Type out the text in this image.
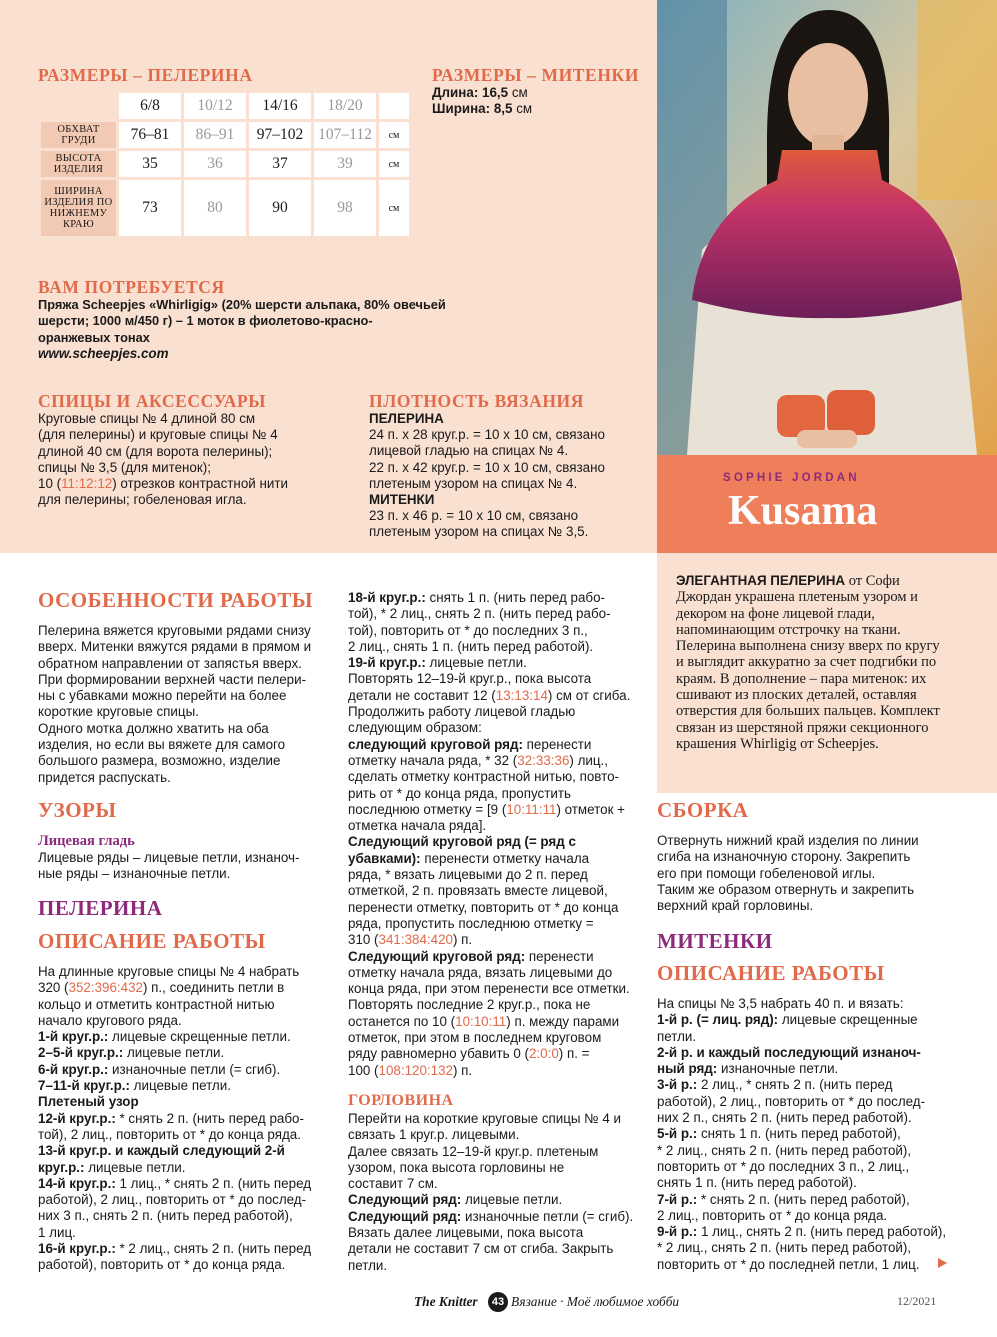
РАЗМЕРЫ – ПЕЛЕРИНА
	6/8	10/12	14/16	18/20	
ОБХВАТ ГРУДИ	76–81	86–91	97–102	107–112	см
ВЫСОТА ИЗДЕЛИЯ	35	36	37	39	см
ШИРИНА ИЗДЕЛИЯ ПО НИЖНЕМУ КРАЮ	73	80	90	98	см
РАЗМЕРЫ – МИТЕНКИ
Длина: 16,5 см
Ширина: 8,5 см
ВАМ ПОТРЕБУЕТСЯ
Пряжа Scheepjes «Whirligig» (20% шерсти альпака, 80% овечьей
шерсти; 1000 м/450 г) – 1 моток в фиолетово-красно-
оранжевых тонах
www.scheepjes.com
СПИЦЫ И АКСЕССУАРЫ
Круговые спицы № 4 длиной 80 см
(для пелерины) и круговые спицы № 4
длиной 40 см (для ворота пелерины);
спицы № 3,5 (для митенок);
10 (11:12:12) отрезков контрастной нити
для пелерины; гобеленовая игла.
ПЛОТНОСТЬ ВЯЗАНИЯ
ПЕЛЕРИНА
24 п. х 28 круг.р. = 10 х 10 см, связано
лицевой гладью на спицах № 4.
22 п. х 42 круг.р. = 10 х 10 см, связано
плетеным узором на спицах № 4.
МИТЕНКИ
23 п. х 46 р. = 10 х 10 см, связано
плетеным узором на спицах № 3,5.
SOPHIE JORDAN
Kusama
ЭЛЕГАНТНАЯ ПЕЛЕРИНА от Софи Джордан украшена плетеным узором и декором на фоне лицевой глади, напоминающим отстрочку на ткани. Пелерина выполнена снизу вверх по кругу и выглядит аккуратно за счет подгибки по краям. В дополнение – пара митенок: их сшивают из плоских деталей, оставляя отверстия для больших пальцев. Комплект связан из шерстяной пряжи секционного крашения Whirligig от Scheepjes.
ОСОБЕННОСТИ РАБОТЫ
Пелерина вяжется круговыми рядами снизу
вверх. Митенки вяжутся рядами в прямом и
обратном направлении от запястья вверх.
При формировании верхней части пелери-
ны с убавками можно перейти на более
короткие круговые спицы.
Одного мотка должно хватить на оба
изделия, но если вы вяжете для самого
большого размера, возможно, изделие
придется распускать.
УЗОРЫ
Лицевая гладь
Лицевые ряды – лицевые петли, изнаноч-
ные ряды – изнаночные петли.
ПЕЛЕРИНА
ОПИСАНИЕ РАБОТЫ
На длинные круговые спицы № 4 набрать
320 (352:396:432) п., соединить петли в
кольцо и отметить контрастной нитью
начало кругового ряда.
1-й круг.р.: лицевые скрещенные петли.
2–5-й круг.р.: лицевые петли.
6-й круг.р.: изнаночные петли (= сгиб).
7–11-й круг.р.: лицевые петли.
Плетеный узор
12-й круг.р.: * снять 2 п. (нить перед рабо-
той), 2 лиц., повторить от * до конца ряда.
13-й круг.р. и каждый следующий 2-й
круг.р.: лицевые петли.
14-й круг.р.: 1 лиц., * снять 2 п. (нить перед
работой), 2 лиц., повторить от * до послед-
них 3 п., снять 2 п. (нить перед работой),
1 лиц.
16-й круг.р.: * 2 лиц., снять 2 п. (нить перед
работой), повторить от * до конца ряда.
18-й круг.р.: снять 1 п. (нить перед рабо-
той), * 2 лиц., снять 2 п. (нить перед рабо-
той), повторить от * до последних 3 п.,
2 лиц., снять 1 п. (нить перед работой).
19-й круг.р.: лицевые петли.
Повторять 12–19-й круг.р., пока высота
детали не составит 12 (13:13:14) см от сгиба.
Продолжить работу лицевой гладью
следующим образом:
следующий круговой ряд: перенести
отметку начала ряда, * 32 (32:33:36) лиц.,
сделать отметку контрастной нитью, повто-
рить от * до конца ряда, пропустить
последнюю отметку = [9 (10:11:11) отметок +
отметка начала ряда].
Следующий круговой ряд (= ряд с
убавками): перенести отметку начала
ряда, * вязать лицевыми до 2 п. перед
отметкой, 2 п. провязать вместе лицевой,
перенести отметку, повторить от * до конца
ряда, пропустить последнюю отметку =
310 (341:384:420) п.
Следующий круговой ряд: перенести
отметку начала ряда, вязать лицевыми до
конца ряда, при этом перенести все отметки.
Повторять последние 2 круг.р., пока не
останется по 10 (10:10:11) п. между парами
отметок, при этом в последнем круговом
ряду равномерно убавить 0 (2:0:0) п. =
100 (108:120:132) п.
ГОРЛОВИНА
Перейти на короткие круговые спицы № 4 и
связать 1 круг.р. лицевыми.
Далее связать 12–19-й круг.р. плетеным
узором, пока высота горловины не
составит 7 см.
Следующий ряд: лицевые петли.
Следующий ряд: изнаночные петли (= сгиб).
Вязать далее лицевыми, пока высота
детали не составит 7 см от сгиба. Закрыть
петли.
СБОРКА
Отвернуть нижний край изделия по линии
сгиба на изнаночную сторону. Закрепить
его при помощи гобеленовой иглы.
Таким же образом отвернуть и закрепить
верхний край горловины.
МИТЕНКИ
ОПИСАНИЕ РАБОТЫ
На спицы № 3,5 набрать 40 п. и вязать:
1-й р. (= лиц. ряд): лицевые скрещенные
петли.
2-й р. и каждый последующий изнаноч-
ный ряд: изнаночные петли.
3-й р.: 2 лиц., * снять 2 п. (нить перед
работой), 2 лиц., повторить от * до послед-
них 2 п., снять 2 п. (нить перед работой).
5-й р.: снять 1 п. (нить перед работой),
* 2 лиц., снять 2 п. (нить перед работой),
повторить от * до последних 3 п., 2 лиц.,
снять 1 п. (нить перед работой).
7-й р.: * снять 2 п. (нить перед работой),
2 лиц., повторить от * до конца ряда.
9-й р.: 1 лиц., снять 2 п. (нить перед работой),
* 2 лиц., снять 2 п. (нить перед работой),
повторить от * до последней петли, 1 лиц.
The Knitter	43 Вязание · Моё любимое хобби	12/2021
